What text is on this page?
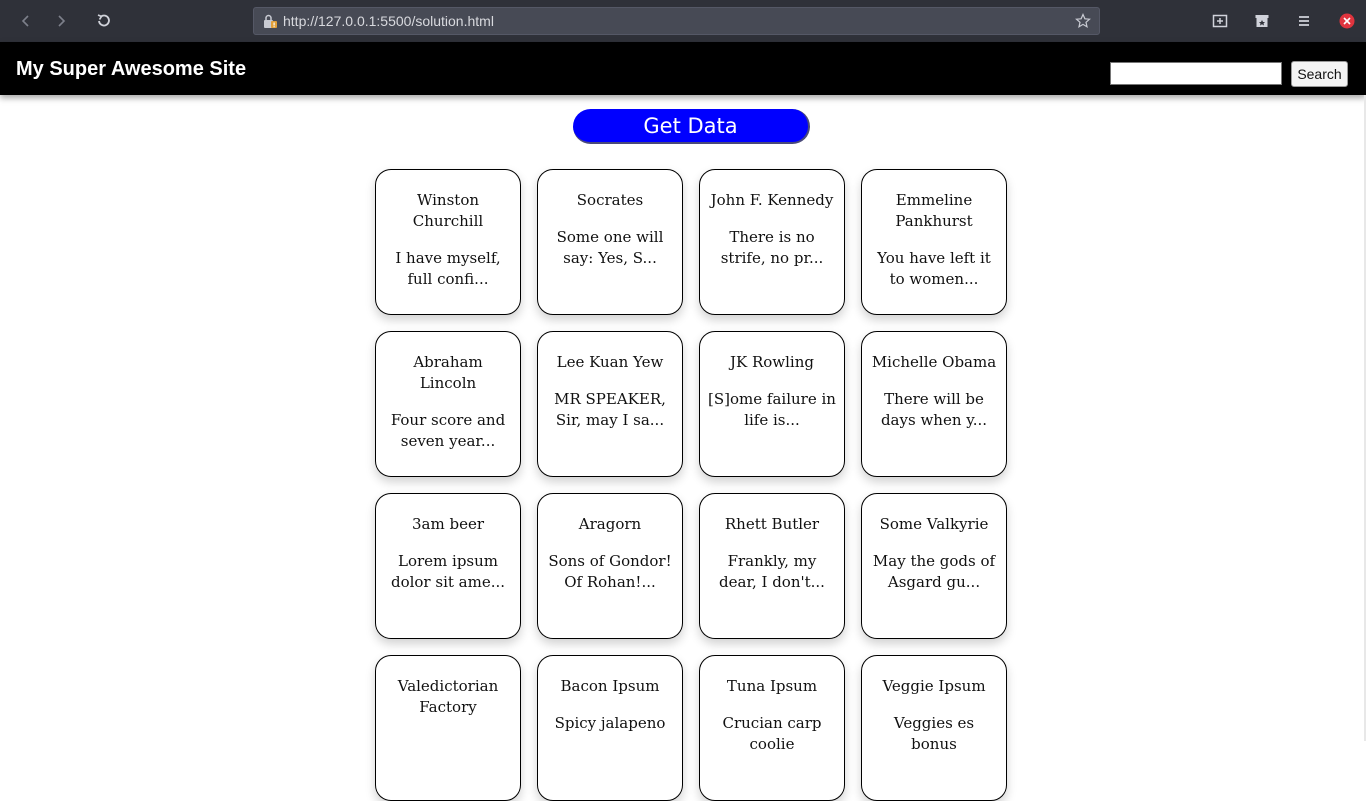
http://127.0.0.1:5500/solution.html
My Super Awesome Site	Search
Get Data
Winston Churchill
I have myself, full confi...
Socrates
Some one will say: Yes, S...
John F. Kennedy
There is no strife, no pr...
Emmeline Pankhurst
You have left it to women...
Abraham Lincoln
Four score and seven year...
Lee Kuan Yew
MR SPEAKER, Sir, may I sa...
JK Rowling
[S]ome failure in life is...
Michelle Obama
There will be days when y...
3am beer
Lorem ipsum dolor sit ame...
Aragorn
Sons of Gondor! Of Rohan!...
Rhett Butler
Frankly, my dear, I don't...
Some Valkyrie
May the gods of Asgard gu...
Valedictorian Factory
Bacon Ipsum
Spicy jalapeno
Tuna Ipsum
Crucian carp coolie
Veggie Ipsum
Veggies es bonus
